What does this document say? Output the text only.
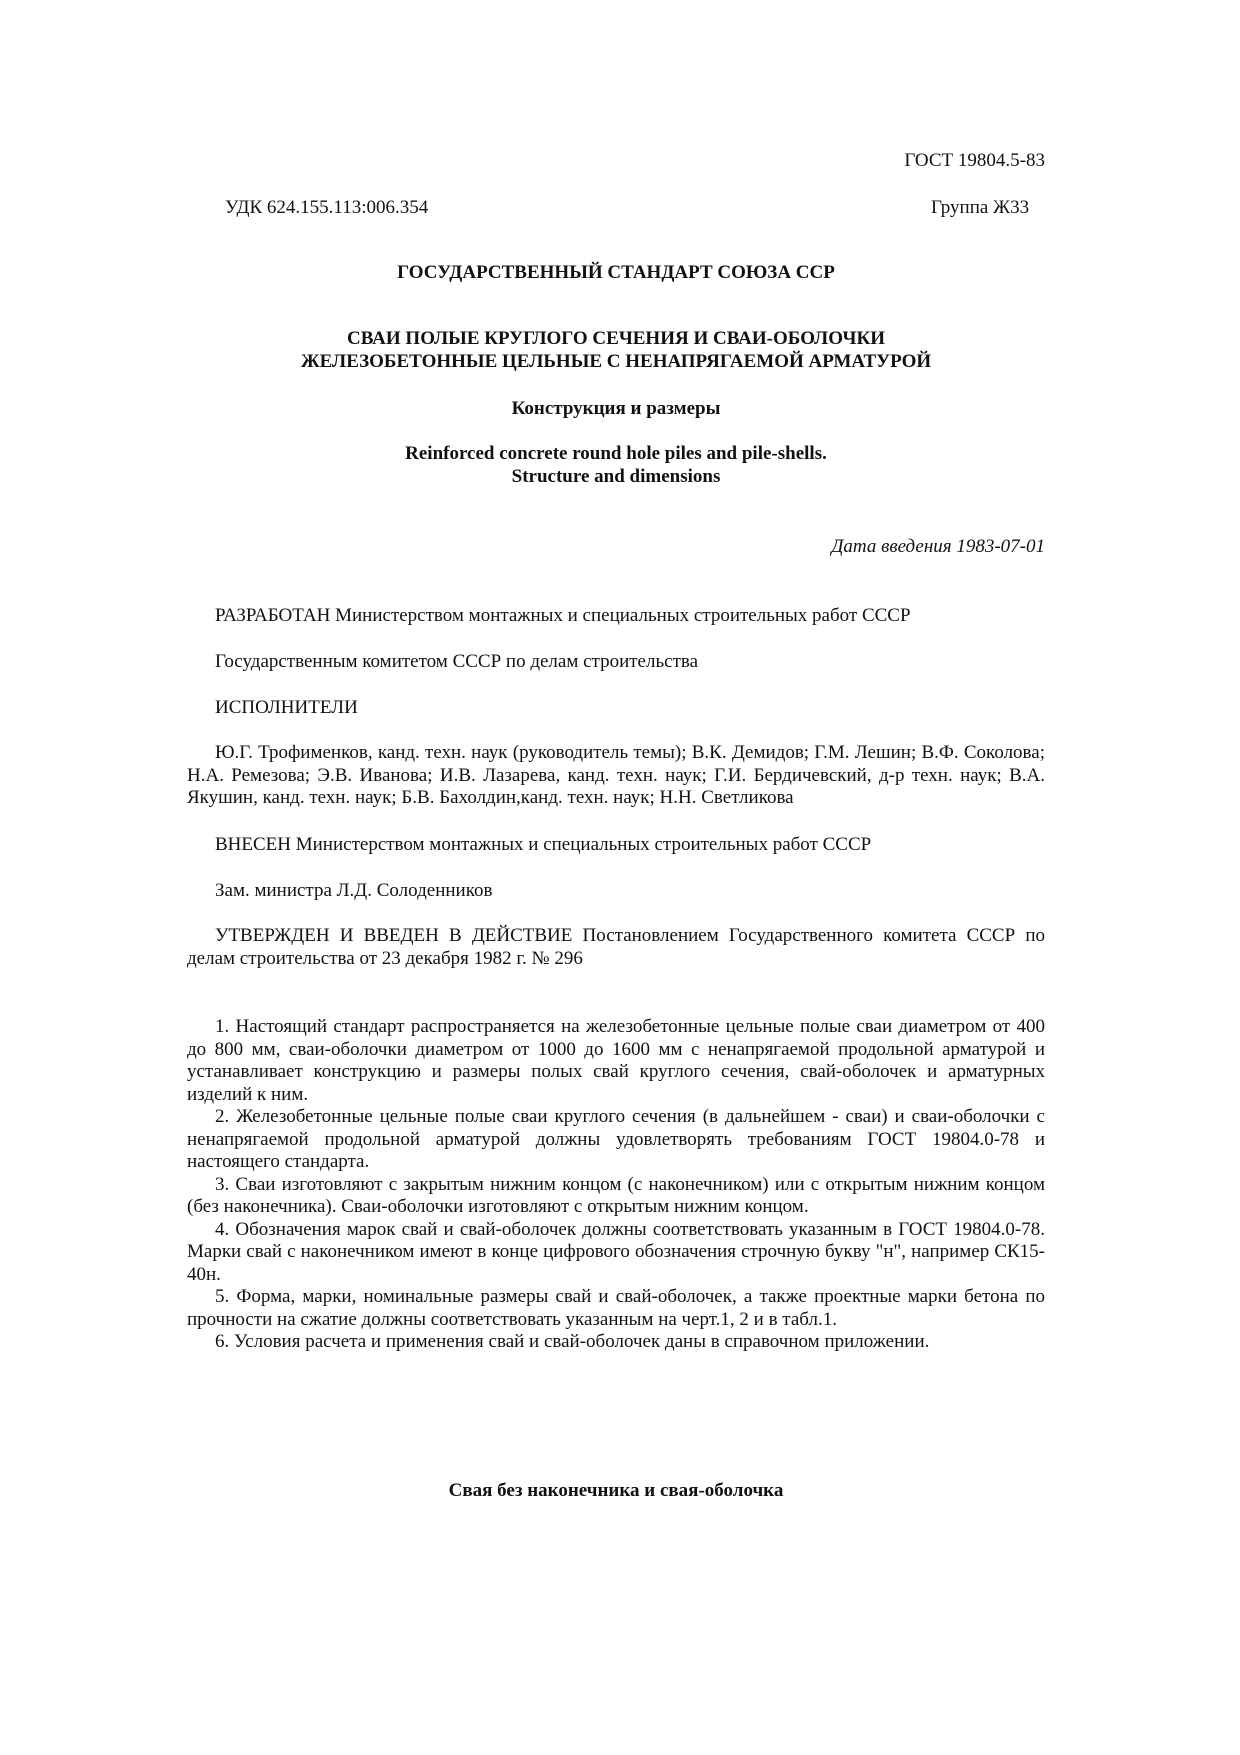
ГОСТ 19804.5-83
УДК 624.155.113:006.354	Группа Ж33
ГОСУДАРСТВЕННЫЙ СТАНДАРТ СОЮЗА ССР
СВАИ ПОЛЫЕ КРУГЛОГО СЕЧЕНИЯ И СВАИ-ОБОЛОЧКИ
ЖЕЛЕЗОБЕТОННЫЕ ЦЕЛЬНЫЕ С НЕНАПРЯГАЕМОЙ АРМАТУРОЙ
Конструкция и размеры
Reinforced concrete round hole piles and pile-shells.
Structure and dimensions
Дата введения 1983-07-01
РАЗРАБОТАН Министерством монтажных и специальных строительных работ СССР
Государственным комитетом СССР по делам строительства
ИСПОЛНИТЕЛИ
Ю.Г. Трофименков, канд. техн. наук (руководитель темы); В.К. Демидов; Г.М. Лешин; В.Ф. Соколова; Н.А. Ремезова; Э.В. Иванова; И.В. Лазарева, канд. техн. наук; Г.И. Бердичевский, д-р техн. наук; В.А. Якушин, канд. техн. наук; Б.В. Бахолдин,канд. техн. наук; Н.Н. Светликова
ВНЕСЕН Министерством монтажных и специальных строительных работ СССР
Зам. министра Л.Д. Солоденников
УТВЕРЖДЕН И ВВЕДЕН В ДЕЙСТВИЕ Постановлением Государственного комитета СССР по делам строительства от 23 декабря 1982 г. № 296

1. Настоящий стандарт распространяется на железобетонные цельные полые сваи диаметром от 400 до 800 мм, сваи-оболочки диаметром от 1000 до 1600 мм с ненапрягаемой продольной арматурой и устанавливает конструкцию и размеры полых свай круглого сечения, свай-оболочек и арматурных изделий к ним.

2. Железобетонные цельные полые сваи круглого сечения (в дальнейшем - сваи) и сваи-оболочки с ненапрягаемой продольной арматурой должны удовлетворять требованиям ГОСТ 19804.0-78 и настоящего стандарта.

3. Сваи изготовляют с закрытым нижним концом (с наконечником) или с открытым нижним концом (без наконечника). Сваи-оболочки изготовляют с открытым нижним концом.

4. Обозначения марок свай и свай-оболочек должны соответствовать указанным в ГОСТ 19804.0-78. Марки свай с наконечником имеют в конце цифрового обозначения строчную букву "н", например СК15-40н.

5. Форма, марки, номинальные размеры свай и свай-оболочек, а также проектные марки бетона по прочности на сжатие должны соответствовать указанным на черт.1, 2 и в табл.1.

6. Условия расчета и применения свай и свай-оболочек даны в справочном приложении.

Свая без наконечника и свая-оболочка
